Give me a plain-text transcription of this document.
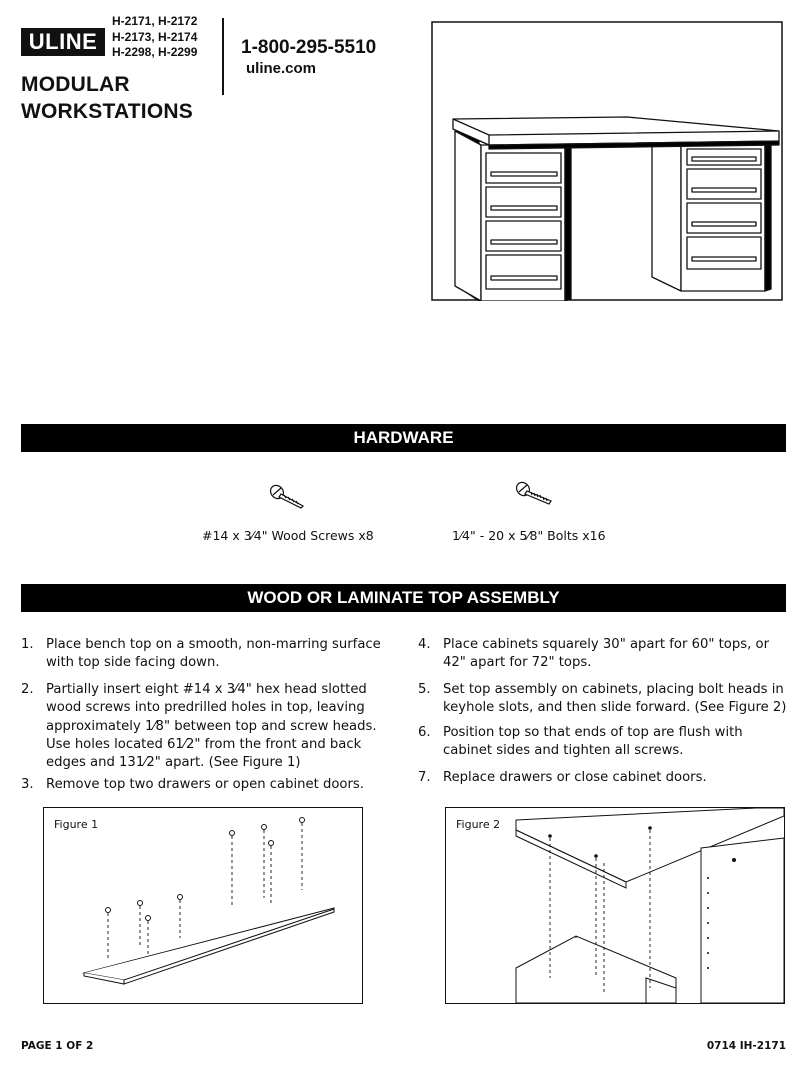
ULINE
H-2171, H-2172
H-2173, H-2174
H-2298, H-2299
MODULAR
WORKSTATIONS
1-800-295-5510
uline.com
HARDWARE
#14 x 3⁄4" Wood Screws x8	1⁄4" - 20 x 5⁄8" Bolts x16
WOOD OR LAMINATE TOP ASSEMBLY
1. Place bench top on a smooth, non-marring surface with top side facing down.
2. Partially insert eight #14 x 3⁄4" hex head slotted wood screws into predrilled holes in top, leaving approximately 1⁄8" between top and screw heads. Use holes located 61⁄2" from the front and back edges and 131⁄2" apart. (See Figure 1)
3. Remove top two drawers or open cabinet doors.
4. Place cabinets squarely 30" apart for 60" tops, or 42" apart for 72" tops.
5. Set top assembly on cabinets, placing bolt heads in keyhole slots, and then slide forward. (See Figure 2)
6. Position top so that ends of top are flush with cabinet sides and tighten all screws.
7. Replace drawers or close cabinet doors.
Figure 1	Figure 2
PAGE 1 OF 2	0714 IH-2171
